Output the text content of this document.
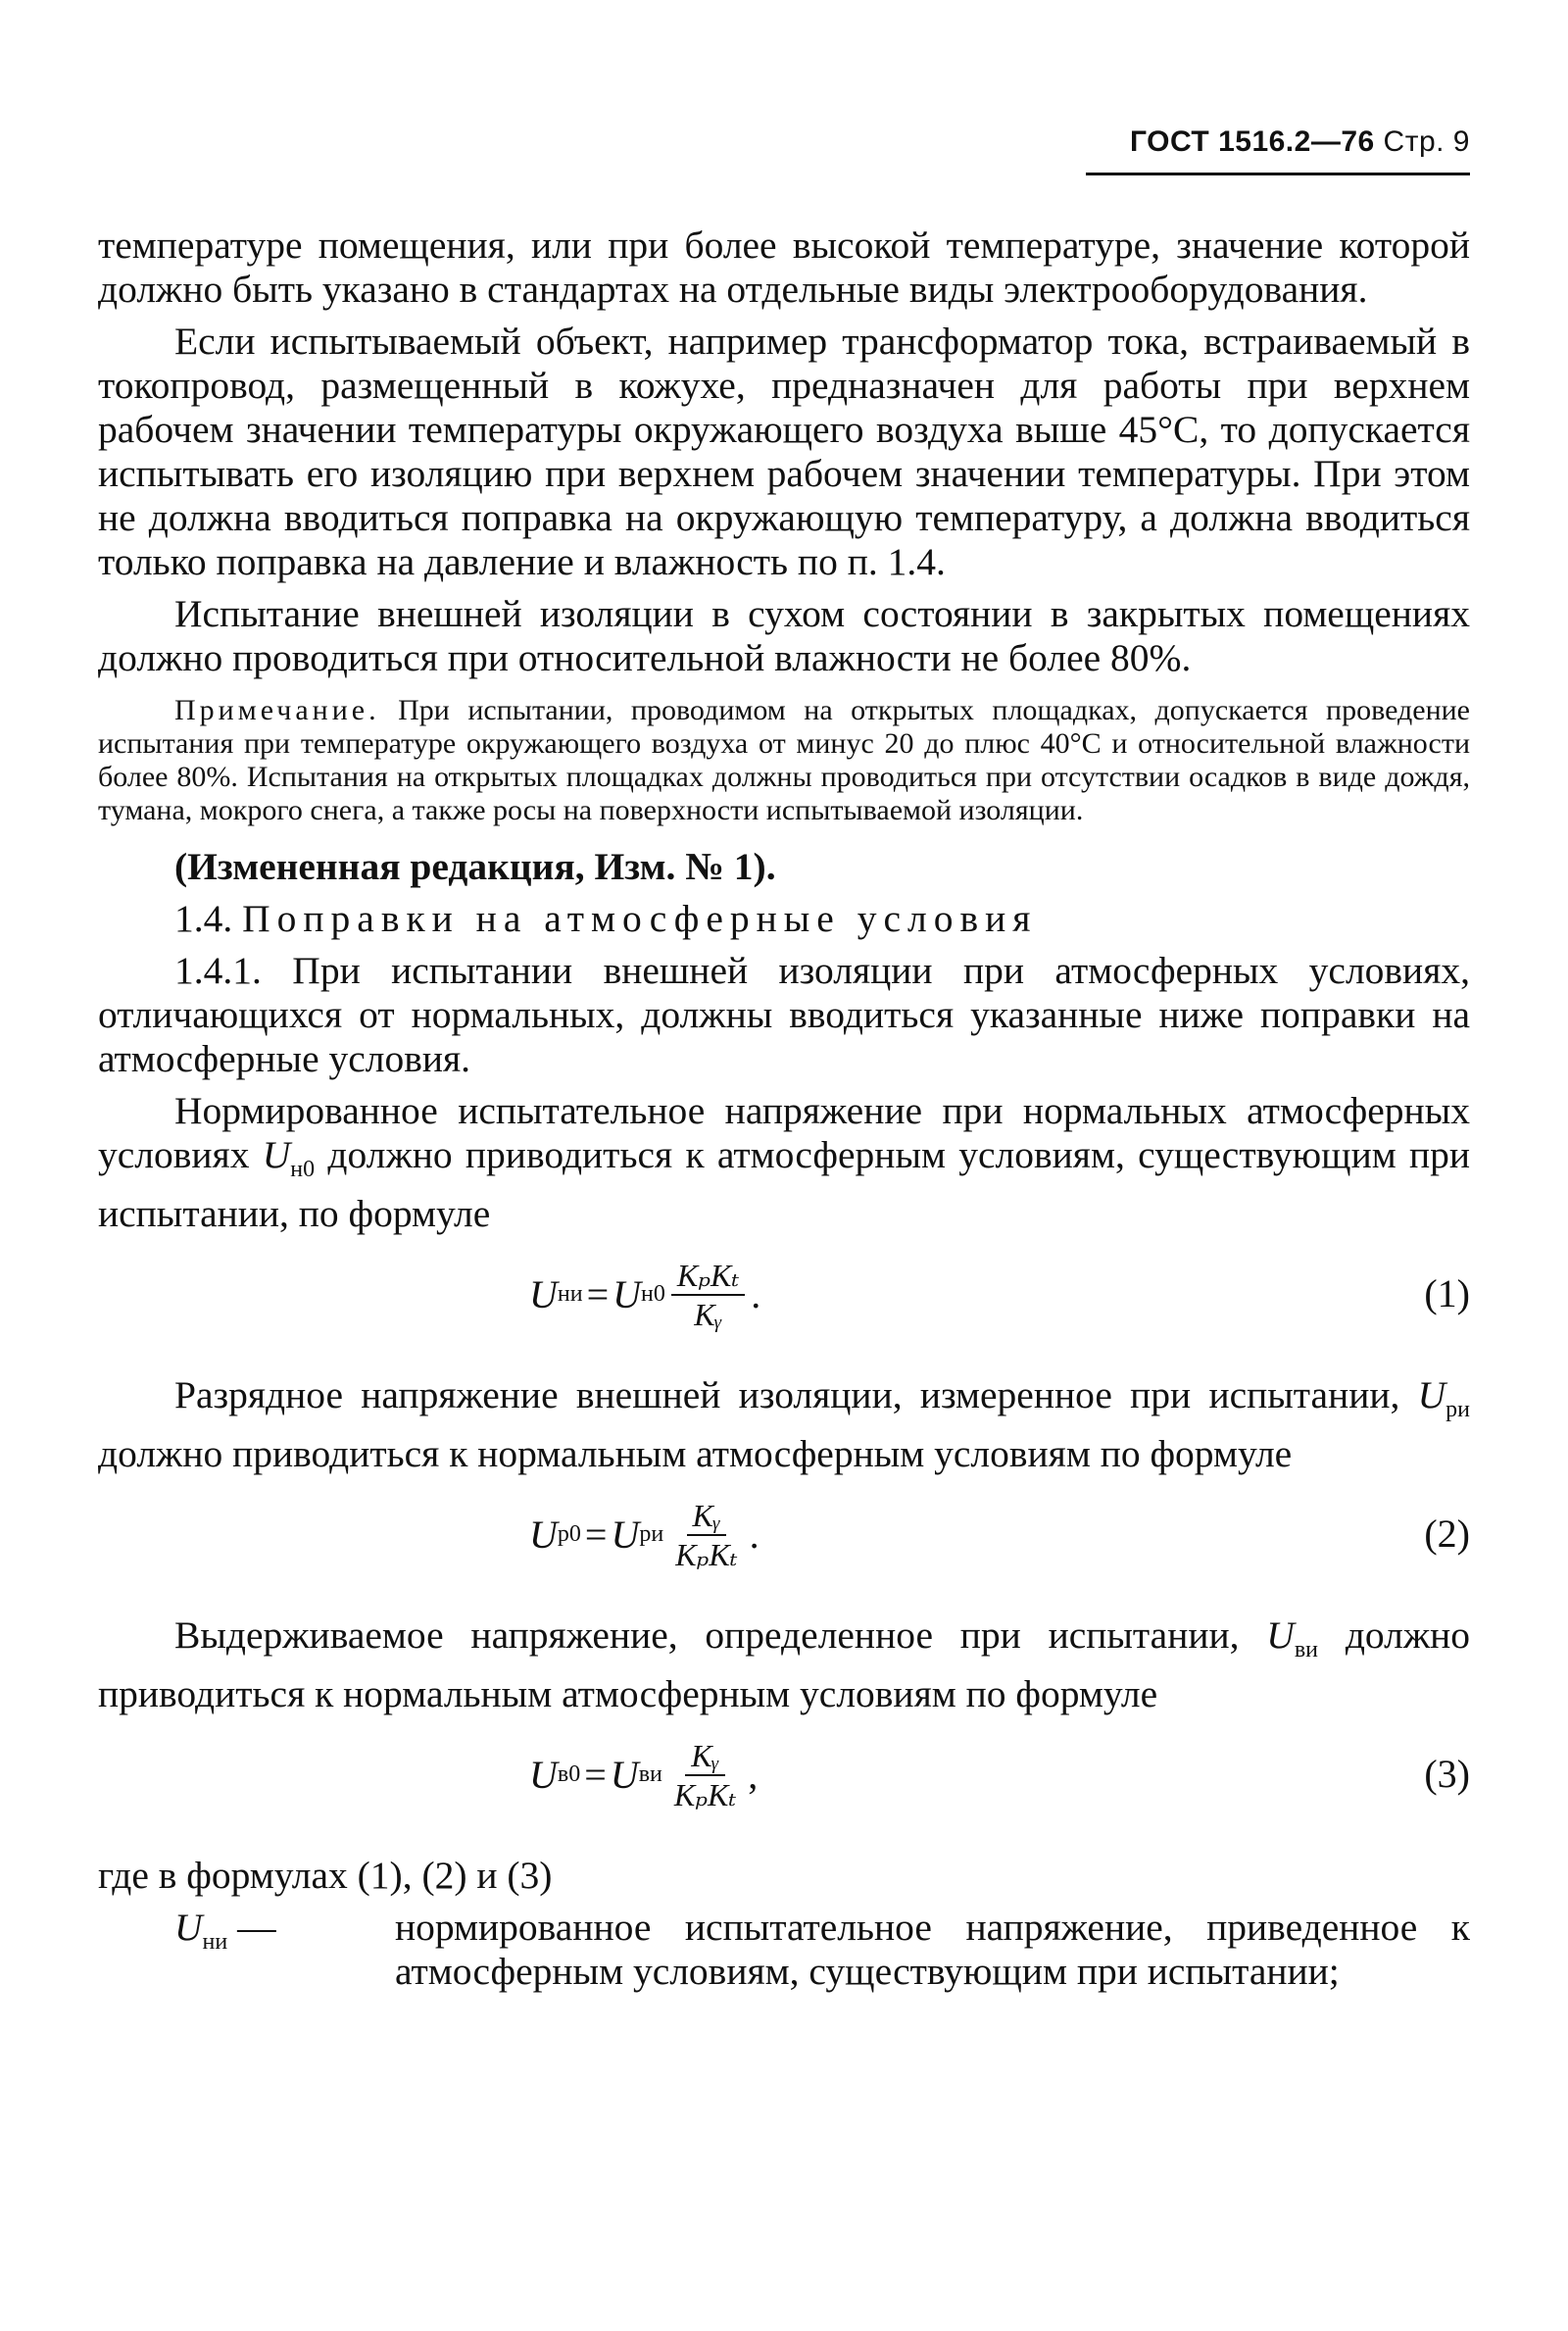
ГОСТ 1516.2—76 Стр. 9

температуре помещения, или при более высокой температуре, значение которой должно быть указано в стандартах на отдельные виды электрооборудования.

Если испытываемый объект, например трансформатор тока, встраиваемый в токопровод, размещенный в кожухе, предназначен для работы при верхнем рабочем значении температуры окружающего воздуха выше 45°С, то допускается испытывать его изоляцию при верхнем рабочем значении температуры. При этом не должна вводиться поправка на окружающую температуру, а должна вводиться только поправка на давление и влажность по п. 1.4.

Испытание внешней изоляции в сухом состоянии в закрытых помещениях должно проводиться при относительной влажности не более 80%.

Примечание. При испытании, проводимом на открытых площадках, допускается проведение испытания при температуре окружающего воздуха от минус 20 до плюс 40°С и относительной влажности более 80%. Испытания на открытых площадках должны проводиться при отсутствии осадков в виде дождя, тумана, мокрого снега, а также росы на поверхности испытываемой изоляции.

(Измененная редакция, Изм. № 1).

1.4. Поправки на атмосферные условия

1.4.1. При испытании внешней изоляции при атмосферных условиях, отличающихся от нормальных, должны вводиться указанные ниже поправки на атмосферные условия.

Нормированное испытательное напряжение при нормальных атмосферных условиях $U_{н0}$ должно приводиться к атмосферным условиям, существующим при испытании, по формуле

U ни = U $н0 \frac{\text{KₚKₜ}}{\text{Kᵧ}}$ .	(1)

Разрядное напряжение внешней изоляции, измеренное при испытании, $U_{ри}$ должно приводиться к нормальным атмосферным условиям по формуле

U р0 = U ри $\frac{\text{Kᵧ}}{\text{KₚKₜ}}$ .	(2)

Выдерживаемое напряжение, определенное при испытании, $U_{ви}$ должно приводиться к нормальным атмосферным условиям по формуле

U в0 = U ви $\frac{\text{Kᵧ}}{\text{KₚKₜ}}$ ,	(3)

где в формулах (1), (2) и (3)

$U_{ни}$ —	нормированное испытательное напряжение, приведенное к атмосферным условиям, существующим при испытании;
